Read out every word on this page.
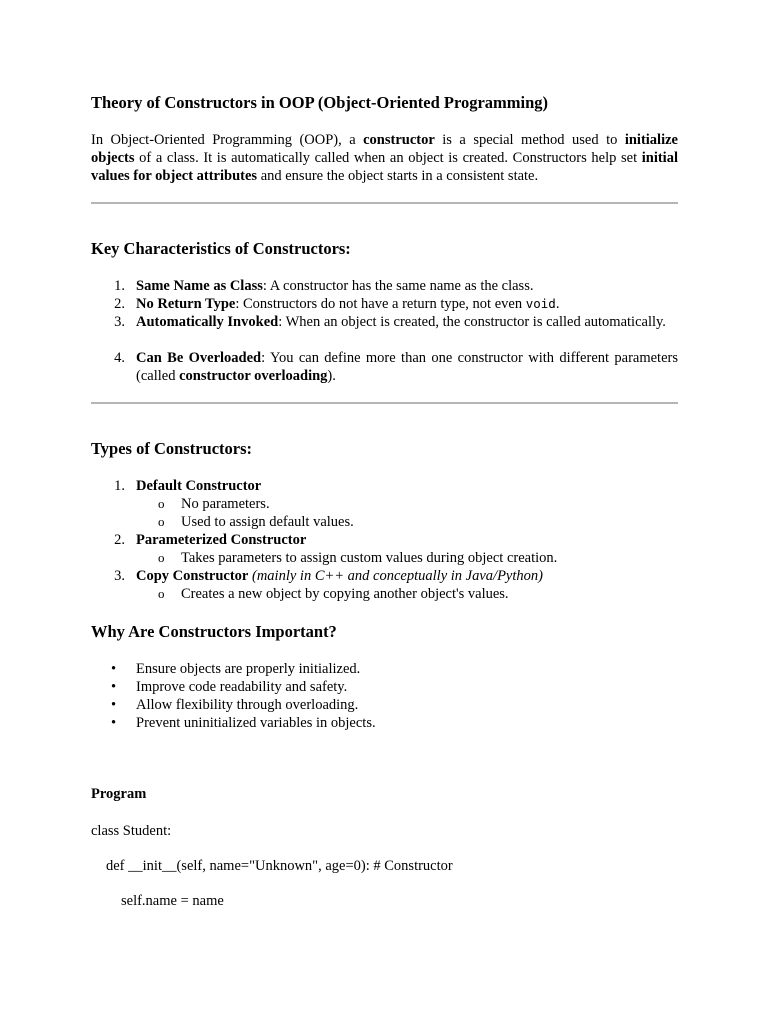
Theory of Constructors in OOP (Object-Oriented Programming)
In Object-Oriented Programming (OOP), a constructor is a special method used to initialize objects of a class. It is automatically called when an object is created. Constructors help set initial values for object attributes and ensure the object starts in a consistent state.
Key Characteristics of Constructors:
1. Same Name as Class: A constructor has the same name as the class.
2. No Return Type: Constructors do not have a return type, not even void.
3. Automatically Invoked: When an object is created, the constructor is called automatically.
4. Can Be Overloaded: You can define more than one constructor with different parameters (called constructor overloading).
Types of Constructors:
1. Default Constructor
o No parameters.
o Used to assign default values.
2. Parameterized Constructor
o Takes parameters to assign custom values during object creation.
3. Copy Constructor (mainly in C++ and conceptually in Java/Python)
o Creates a new object by copying another object's values.
Why Are Constructors Important?
• Ensure objects are properly initialized.
• Improve code readability and safety.
• Allow flexibility through overloading.
• Prevent uninitialized variables in objects.
Program
class Student:
def __init__(self, name="Unknown", age=0): # Constructor
self.name = name
